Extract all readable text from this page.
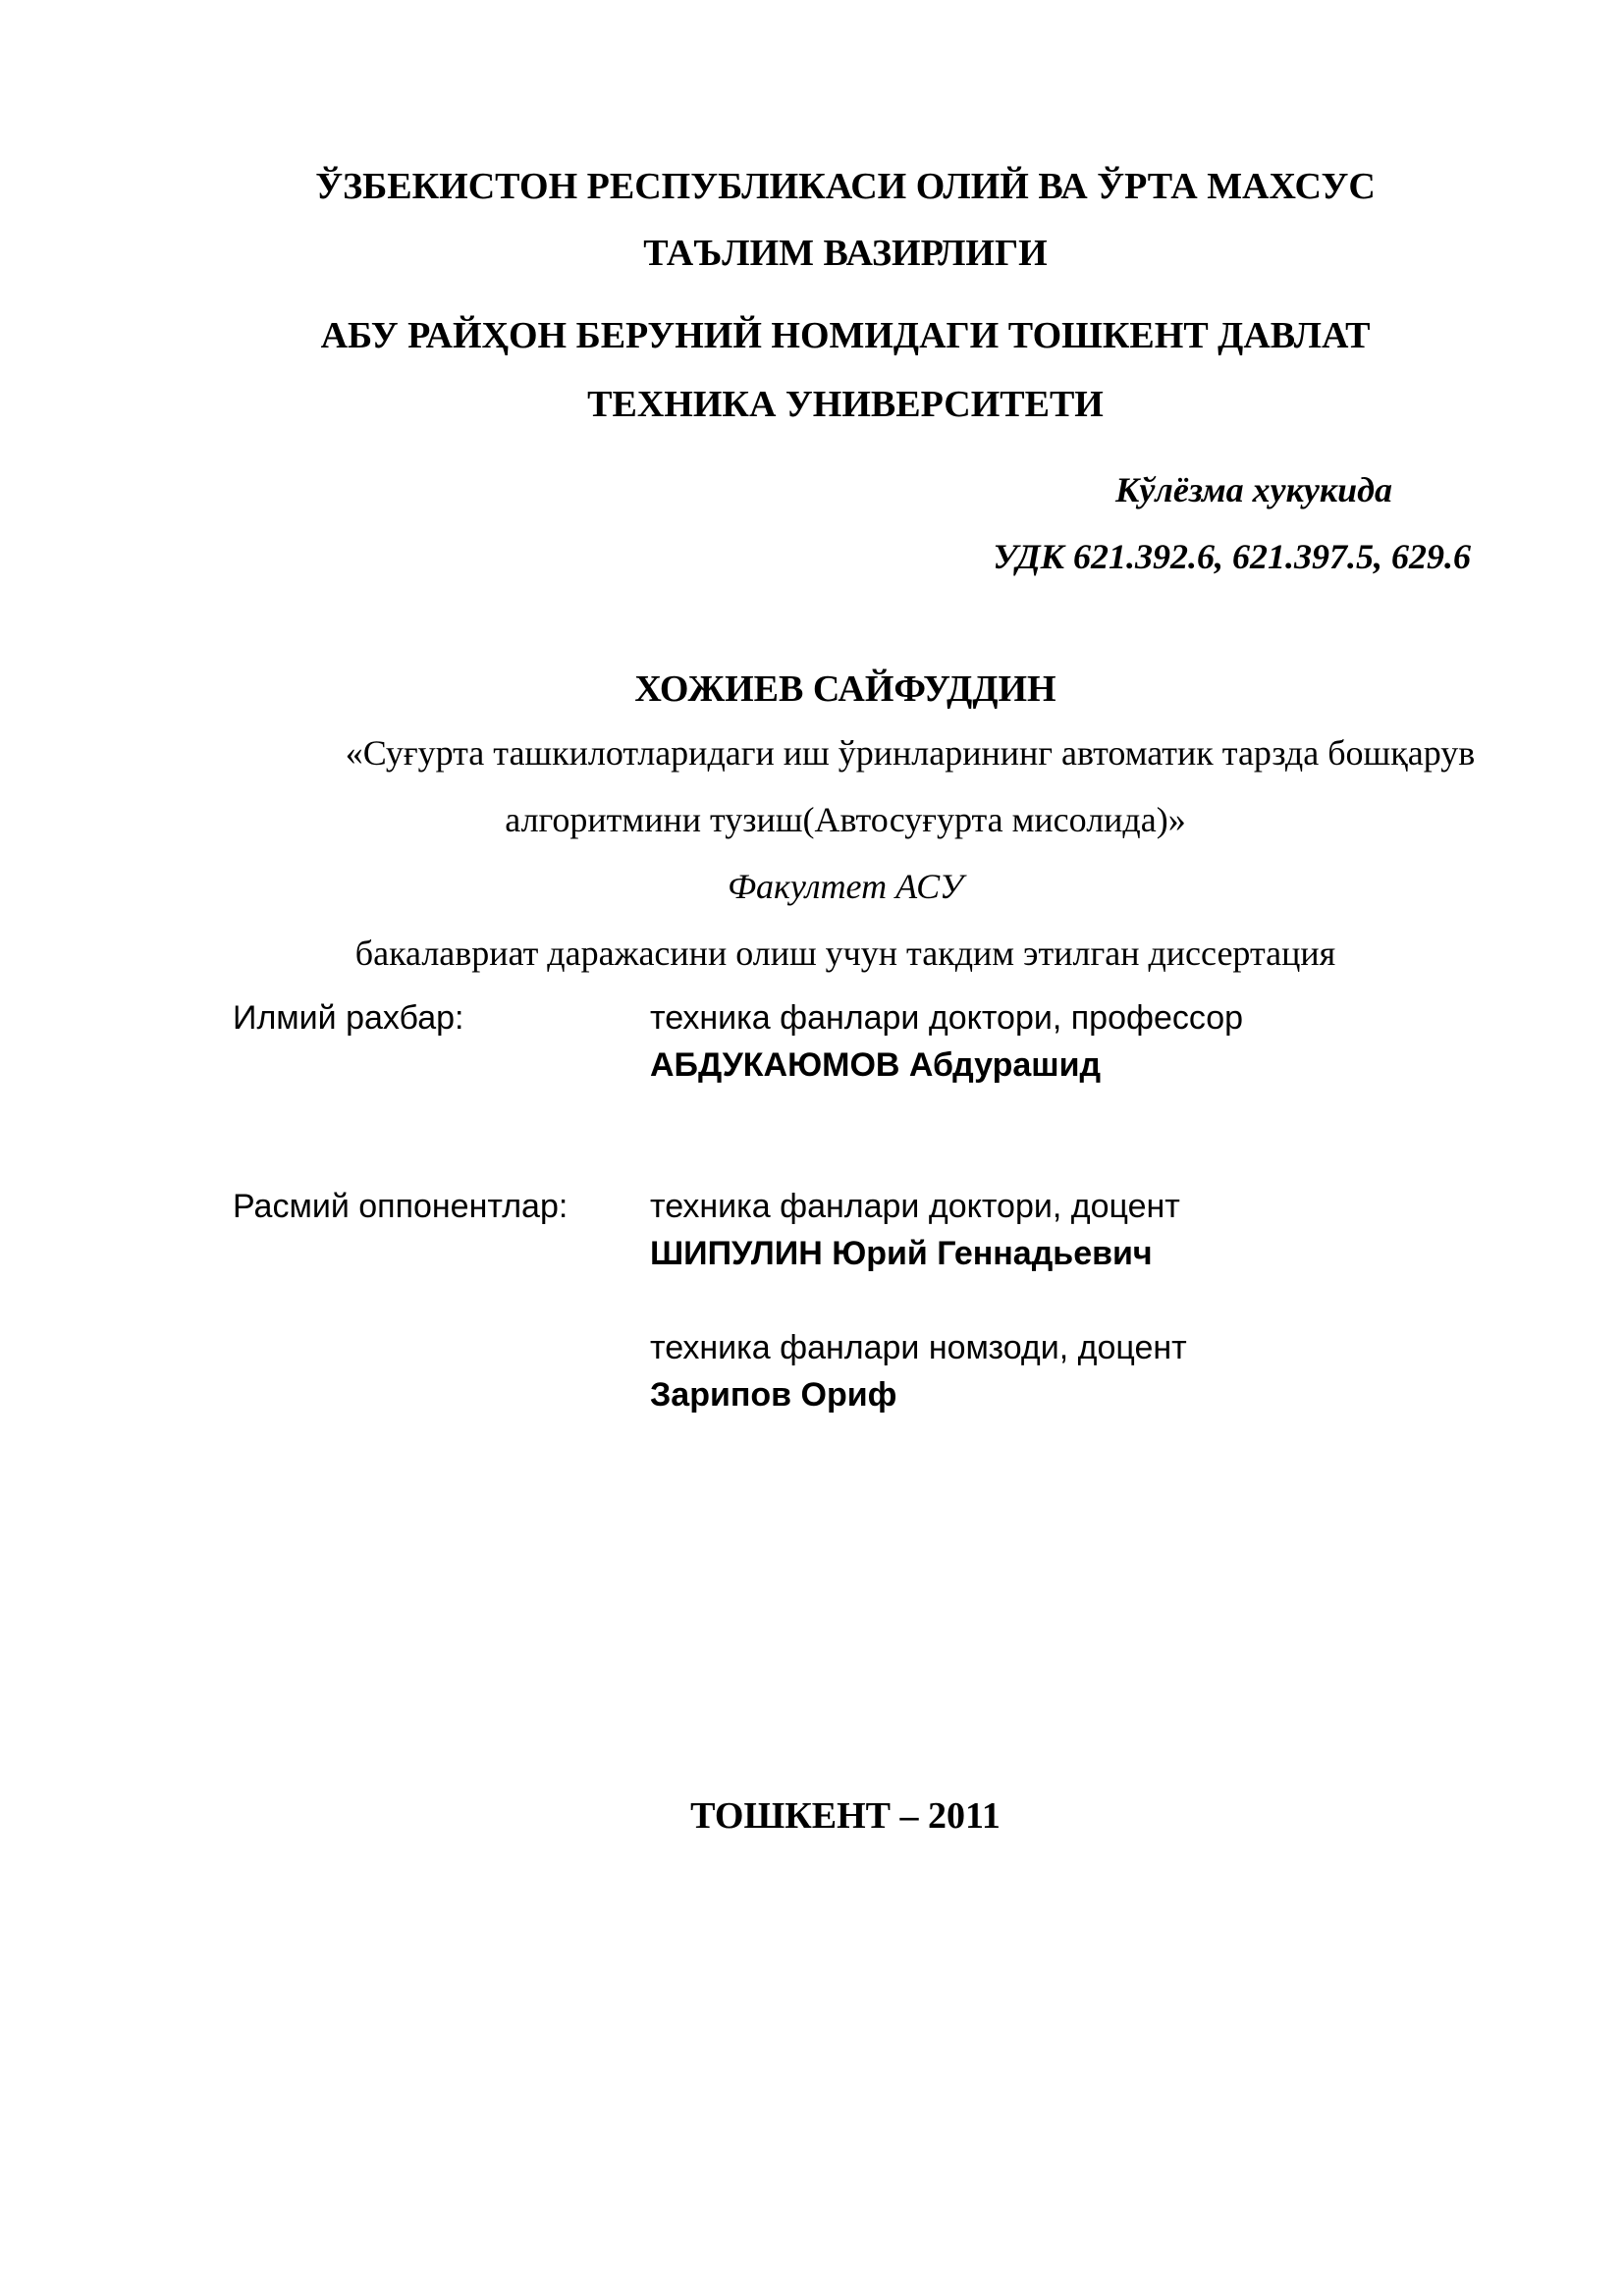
ЎЗБЕКИСТОН РЕСПУБЛИКАСИ ОЛИЙ ВА ЎРТА МАХСУС
ТАЪЛИМ ВАЗИРЛИГИ
АБУ РАЙҲОН БЕРУНИЙ НОМИДАГИ ТОШКЕНТ ДАВЛАТ
ТЕХНИКА УНИВЕРСИТЕТИ
Кўлёзма хукукида
УДК 621.392.6, 621.397.5, 629.6
ХОЖИЕВ САЙФУДДИН
«Суғурта ташкилотларидаги иш ўринларининг автоматик тарзда бошқарув
алгоритмини тузиш(Автосуғурта мисолида)»
Факултет АСУ
бакалавриат даражасини олиш учун такдим этилган диссертация
Илмий рахбар:	техника фанлари доктори, профессор
АБДУКАЮМОВ Абдурашид
Расмий оппонентлар: техника фанлари доктори, доцент
ШИПУЛИН Юрий Геннадьевич
техника фанлари номзоди, доцент
Зарипов Ориф
ТОШКЕНТ – 2011
